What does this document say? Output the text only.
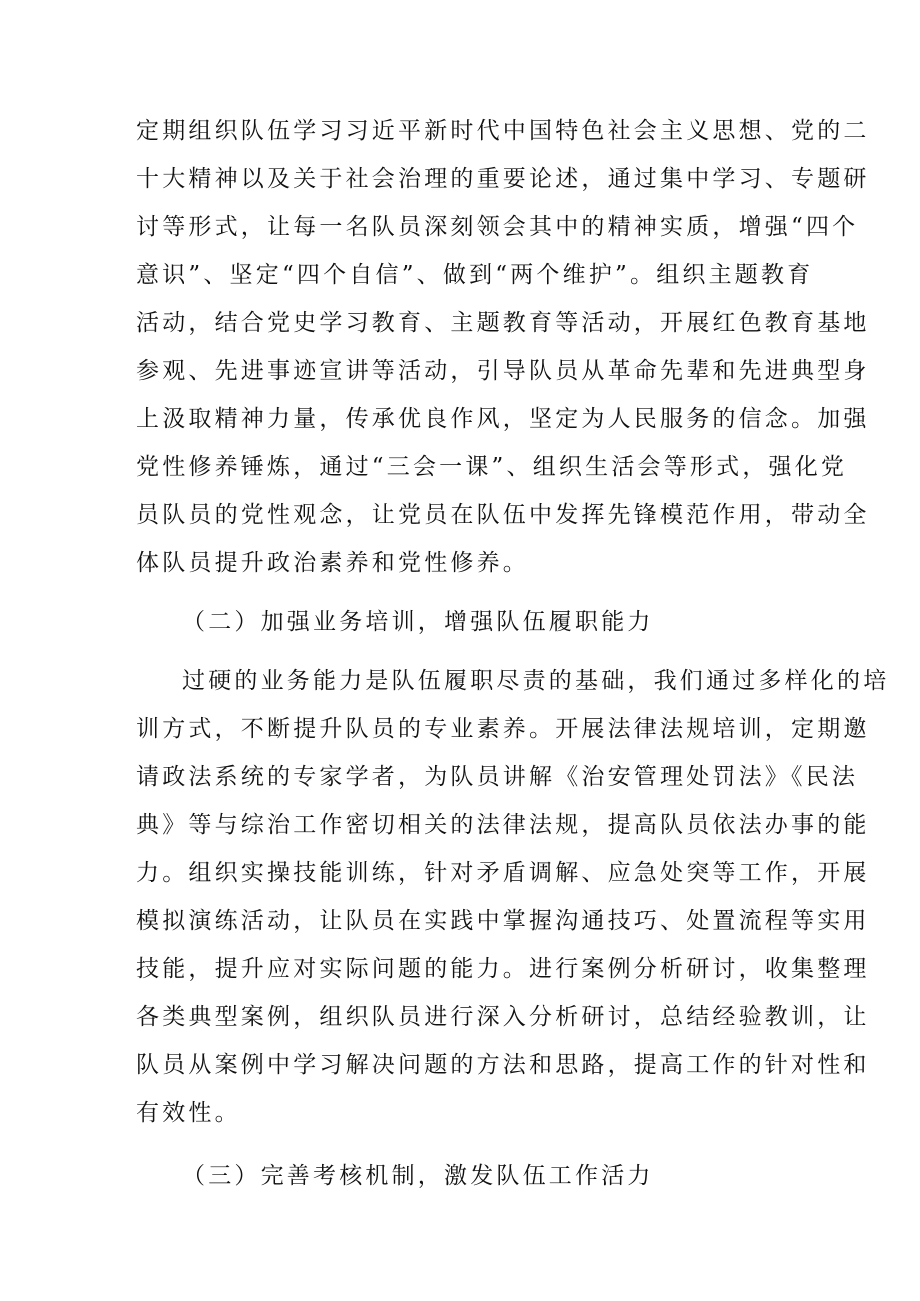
定期组织队伍学习习近平新时代中国特色社会主义思想、党的二
十大精神以及关于社会治理的重要论述，通过集中学习、专题研
讨等形式，让每一名队员深刻领会其中的精神实质，增强“四个
意识”、坚定“四个自信”、做到“两个维护”。组织主题教育
活动，结合党史学习教育、主题教育等活动，开展红色教育基地
参观、先进事迹宣讲等活动，引导队员从革命先辈和先进典型身
上汲取精神力量，传承优良作风，坚定为人民服务的信念。加强
党性修养锤炼，通过“三会一课”、组织生活会等形式，强化党
员队员的党性观念，让党员在队伍中发挥先锋模范作用，带动全
体队员提升政治素养和党性修养。
（二）加强业务培训，增强队伍履职能力
过硬的业务能力是队伍履职尽责的基础，我们通过多样化的培
训方式，不断提升队员的专业素养。开展法律法规培训，定期邀
请政法系统的专家学者，为队员讲解《治安管理处罚法》《民法
典》等与综治工作密切相关的法律法规，提高队员依法办事的能
力。组织实操技能训练，针对矛盾调解、应急处突等工作，开展
模拟演练活动，让队员在实践中掌握沟通技巧、处置流程等实用
技能，提升应对实际问题的能力。进行案例分析研讨，收集整理
各类典型案例，组织队员进行深入分析研讨，总结经验教训，让
队员从案例中学习解决问题的方法和思路，提高工作的针对性和
有效性。
（三）完善考核机制，激发队伍工作活力
